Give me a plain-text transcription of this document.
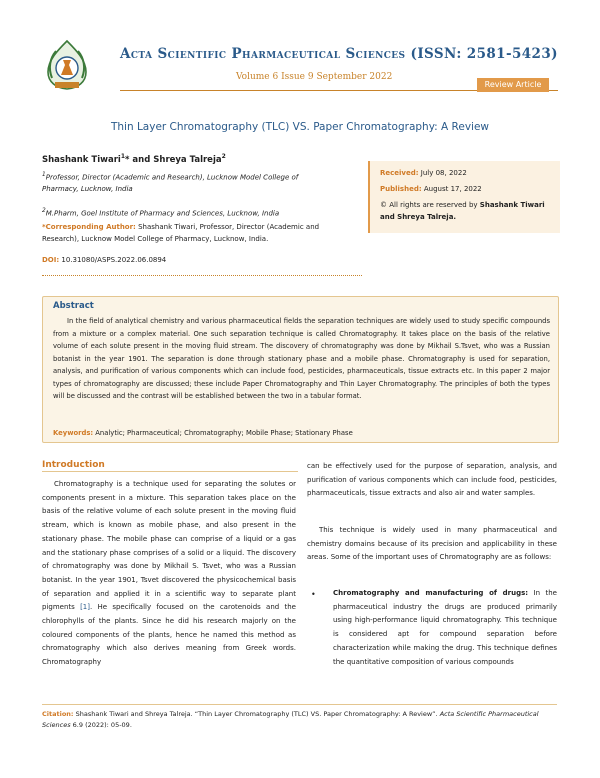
Acta Scientific Pharmaceutical Sciences (ISSN: 2581-5423)
Volume 6 Issue 9 September 2022
Review Article
Thin Layer Chromatography (TLC) VS. Paper Chromatography: A Review
Shashank Tiwari$^1$* and Shreya Talreja$^2$
$^1$Professor, Director (Academic and Research), Lucknow Model College of Pharmacy, Lucknow, India
$^2$M.Pharm, Goel Institute of Pharmacy and Sciences, Lucknow, India
*Corresponding Author: Shashank Tiwari, Professor, Director (Academic and Research), Lucknow Model College of Pharmacy, Lucknow, India.
DOI: 10.31080/ASPS.2022.06.0894
Received: July 08, 2022
Published: August 17, 2022
© All rights are reserved by Shashank Tiwari and Shreya Talreja.
Abstract
In the field of analytical chemistry and various pharmaceutical fields the separation techniques are widely used to study specific compounds from a mixture or a complex material. One such separation technique is called Chromatography. It takes place on the basis of the relative volume of each solute present in the moving fluid stream. The discovery of chromatography was done by Mikhail S.Tsvet, who was a Russian botanist in the year 1901. The separation is done through stationary phase and a mobile phase. Chromatography is used for separation, analysis, and purification of various components which can include food, pesticides, pharmaceuticals, tissue extracts etc. In this paper 2 major types of chromatography are discussed; these include Paper Chromatography and Thin Layer Chromatography. The principles of both the types will be discussed and the contrast will be established between the two in a tabular format.
Keywords: Analytic; Pharmaceutical; Chromatography; Mobile Phase; Stationary Phase
Introduction
Chromatography is a technique used for separating the solutes or components present in a mixture. This separation takes place on the basis of the relative volume of each solute present in the moving fluid stream, which is known as mobile phase, and also present in the stationary phase. The mobile phase can comprise of a liquid or a gas and the stationary phase comprises of a solid or a liquid. The discovery of chromatography was done by Mikhail S. Tsvet, who was a Russian botanist. In the year 1901, Tsvet discovered the physicochemical basis of separation and applied it in a scientific way to separate plant pigments [1]. He specifically focused on the carotenoids and the chlorophylls of the plants. Since he did his research majorly on the coloured components of the plants, hence he named this method as chromatography which also derives meaning from Greek words. Chromatography
can be effectively used for the purpose of separation, analysis, and purification of various components which can include food, pesticides, pharmaceuticals, tissue extracts and also air and water samples.
This technique is widely used in many pharmaceutical and chemistry domains because of its precision and applicability in these areas. Some of the important uses of Chromatography are as follows:
• Chromatography and manufacturing of drugs: In the pharmaceutical industry the drugs are produced primarily using high-performance liquid chromatography. This technique is considered apt for compound separation before characterization while making the drug. This technique defines the quantitative composition of various compounds
Citation: Shashank Tiwari and Shreya Talreja. “Thin Layer Chromatography (TLC) VS. Paper Chromatography: A Review”. Acta Scientific Pharmaceutical Sciences 6.9 (2022): 05-09.
